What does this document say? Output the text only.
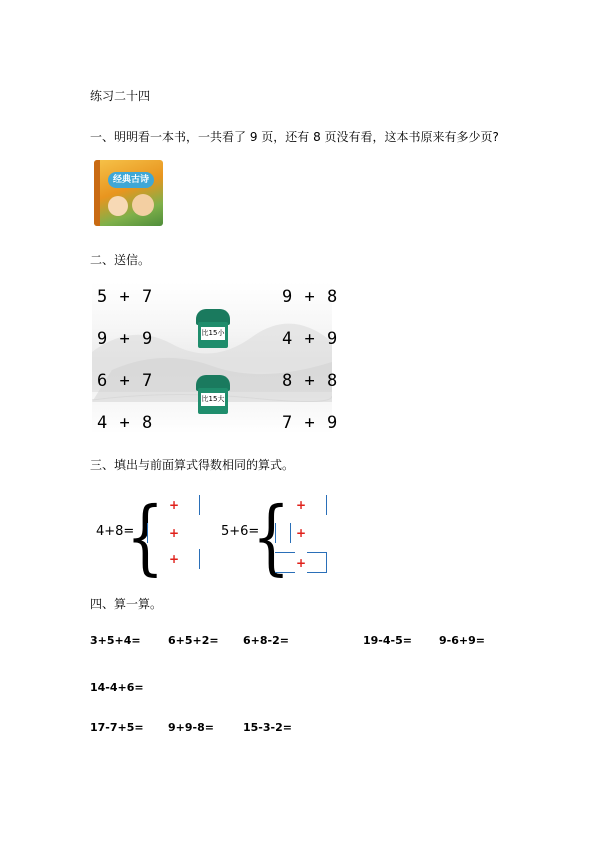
练习二十四
一、明明看一本书，一共看了 9 页，还有 8 页没有看，这本书原来有多少页?
经典古诗
二、送信。
5 + 7
9 + 9
6 + 7
4 + 8
9 + 8
4 + 9
8 + 8
7 + 9
比15小
比15大
三、填出与前面算式得数相同的算式。
4+8=
{ +
+
+
5+6=
{ +
+
+
四、算一算。
3+5+4= 6+5+2= 6+8-2=	19-4-5= 9-6+9=
14-4+6=
17-7+5= 9+9-8=	15-3-2=
